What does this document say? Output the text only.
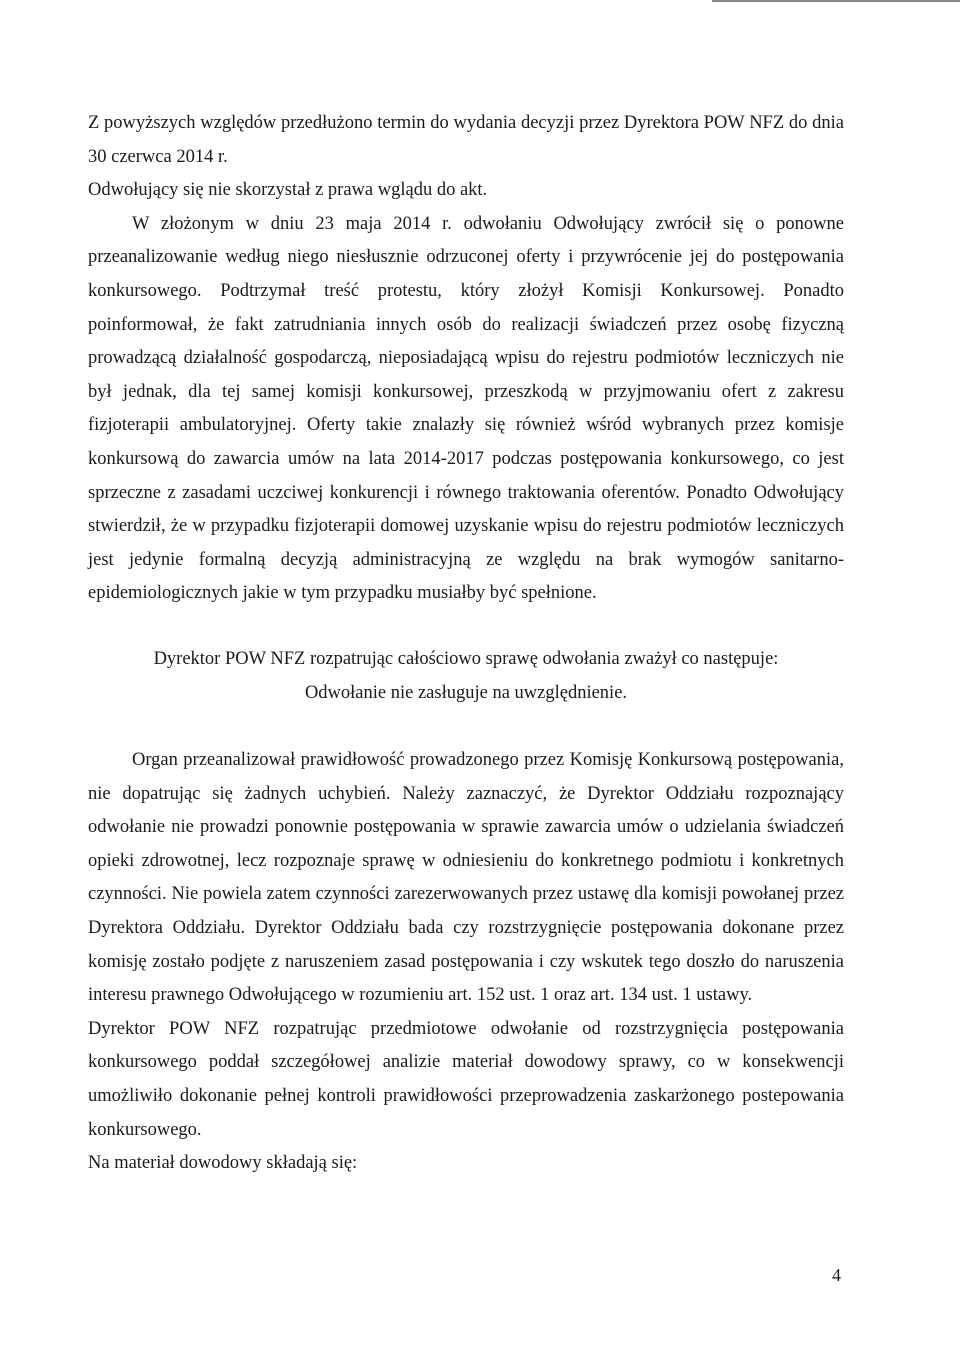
Z powyższych względów przedłużono termin do wydania decyzji przez Dyrektora POW NFZ do dnia 30 czerwca 2014 r.

Odwołujący się nie skorzystał z prawa wglądu do akt.

W złożonym w dniu 23 maja 2014 r. odwołaniu Odwołujący zwrócił się o ponowne przeanalizowanie według niego niesłusznie odrzuconej oferty i przywrócenie jej do postępowania konkursowego. Podtrzymał treść protestu, który złożył Komisji Konkursowej. Ponadto poinformował, że fakt zatrudniania innych osób do realizacji świadczeń przez osobę fizyczną prowadzącą działalność gospodarczą, nieposiadającą wpisu do rejestru podmiotów leczniczych nie był jednak, dla tej samej komisji konkursowej, przeszkodą w przyjmowaniu ofert z zakresu fizjoterapii ambulatoryjnej. Oferty takie znalazły się również wśród wybranych przez komisje konkursową do zawarcia umów na lata 2014-2017 podczas postępowania konkursowego, co jest sprzeczne z zasadami uczciwej konkurencji i równego traktowania oferentów. Ponadto Odwołujący stwierdził, że w przypadku fizjoterapii domowej uzyskanie wpisu do rejestru podmiotów leczniczych jest jedynie formalną decyzją administracyjną ze względu na brak wymogów sanitarno-epidemiologicznych jakie w tym przypadku musiałby być spełnione.

Dyrektor POW NFZ rozpatrując całościowo sprawę odwołania zważył co następuje:

Odwołanie nie zasługuje na uwzględnienie.

Organ przeanalizował prawidłowość prowadzonego przez Komisję Konkursową postępowania, nie dopatrując się żadnych uchybień. Należy zaznaczyć, że Dyrektor Oddziału rozpoznający odwołanie nie prowadzi ponownie postępowania w sprawie zawarcia umów o udzielania świadczeń opieki zdrowotnej, lecz rozpoznaje sprawę w odniesieniu do konkretnego podmiotu i konkretnych czynności. Nie powiela zatem czynności zarezerwowanych przez ustawę dla komisji powołanej przez Dyrektora Oddziału. Dyrektor Oddziału bada czy rozstrzygnięcie postępowania dokonane przez komisję zostało podjęte z naruszeniem zasad postępowania i czy wskutek tego doszło do naruszenia interesu prawnego Odwołującego w rozumieniu art. 152 ust. 1 oraz art. 134 ust. 1 ustawy.

Dyrektor POW NFZ rozpatrując przedmiotowe odwołanie od rozstrzygnięcia postępowania konkursowego poddał szczegółowej analizie materiał dowodowy sprawy, co w konsekwencji umożliwiło dokonanie pełnej kontroli prawidłowości przeprowadzenia zaskarżonego postepowania konkursowego.

Na materiał dowodowy składają się:

4
